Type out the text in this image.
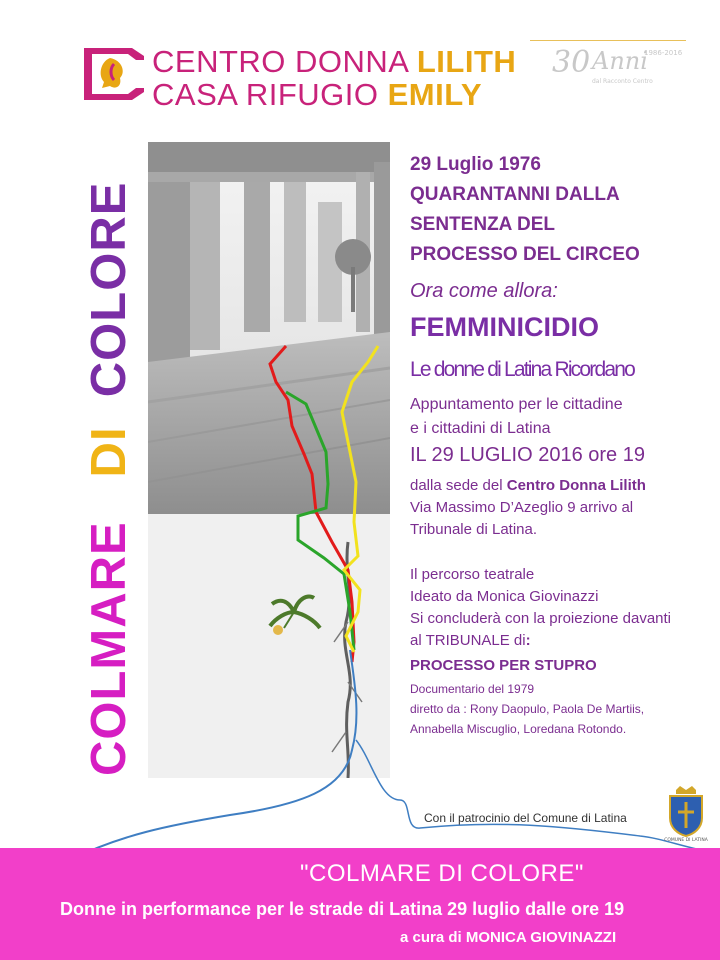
CENTRO DONNA LILITH
CASA RIFUGIO EMILY
30 Anni
1986-2016
dal Racconto Centro
COLMARE   DI  COLORE
29 Luglio 1976
QUARANTANNI DALLA
SENTENZA DEL
PROCESSO DEL CIRCEO
Ora come allora:
FEMMINICIDIO
Le donne di Latina Ricordano
Appuntamento per le cittadine
e i cittadini di Latina
IL 29 LUGLIO 2016 ore 19
dalla sede del Centro Donna Lilith
Via Massimo D’Azeglio 9 arrivo al
Tribunale di Latina.
Il percorso teatrale
Ideato da Monica Giovinazzi
Si concluderà con la proiezione davanti
al TRIBUNALE di:
PROCESSO PER STUPRO
Documentario del 1979
diretto da : Rony Daopulo, Paola De Martiis,
Annabella Miscuglio, Loredana Rotondo.
Con il patrocinio del Comune di Latina
COMUNE DI LATINA
"COLMARE DI COLORE"
Donne in performance per le strade di Latina 29 luglio dalle ore 19
a cura di MONICA GIOVINAZZI
